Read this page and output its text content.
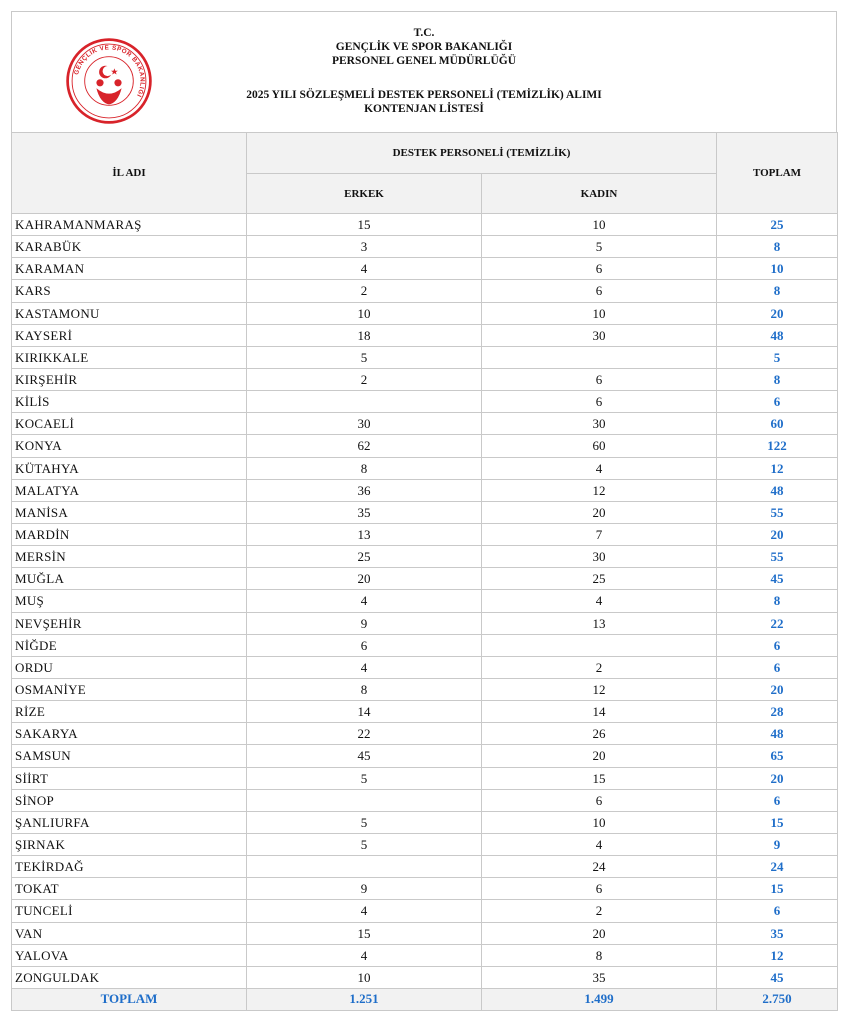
GENÇLİK VE SPOR BAKANLIĞI
T.C.
GENÇLİK VE SPOR BAKANLIĞI
PERSONEL GENEL MÜDÜRLÜĞÜ
2025 YILI SÖZLEŞMELİ DESTEK PERSONELİ (TEMİZLİK) ALIMI
KONTENJAN LİSTESİ
İL ADI	DESTEK PERSONELİ (TEMİZLİK)		TOPLAM
	ERKEK	KADIN	
KAHRAMANMARAŞ	15	10	25
KARABÜK	3	5	8
KARAMAN	4	6	10
KARS	2	6	8
KASTAMONU	10	10	20
KAYSERİ	18	30	48
KIRIKKALE	5		5
KIRŞEHİR	2	6	8
KİLİS		6	6
KOCAELİ	30	30	60
KONYA	62	60	122
KÜTAHYA	8	4	12
MALATYA	36	12	48
MANİSA	35	20	55
MARDİN	13	7	20
MERSİN	25	30	55
MUĞLA	20	25	45
MUŞ	4	4	8
NEVŞEHİR	9	13	22
NİĞDE	6		6
ORDU	4	2	6
OSMANİYE	8	12	20
RİZE	14	14	28
SAKARYA	22	26	48
SAMSUN	45	20	65
SİİRT	5	15	20
SİNOP		6	6
ŞANLIURFA	5	10	15
ŞIRNAK	5	4	9
TEKİRDAĞ		24	24
TOKAT	9	6	15
TUNCELİ	4	2	6
VAN	15	20	35
YALOVA	4	8	12
ZONGULDAK	10	35	45
TOPLAM	1.251	1.499	2.750
